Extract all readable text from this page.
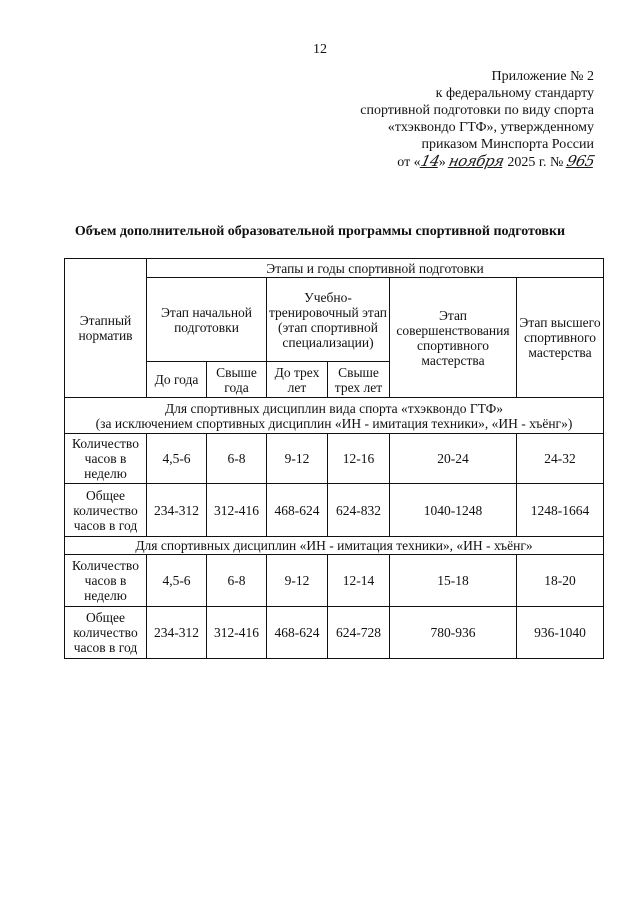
12
Приложение № 2
к федеральному стандарту
спортивной подготовки по виду спорта
«тхэквондо ГТФ», утвержденному
приказом Минспорта России
от «14» ноября 2025 г. № 965
Объем дополнительной образовательной программы спортивной подготовки
Этапный норматив	Этапы и годы спортивной подготовки					
	Этап начальной подготовки		Учебно-тренировочный этап (этап спортивной специализации)		Этап совершенствования спортивного мастерства	Этап высшего спортивного мастерства
	До года	Свыше года	До трех лет	Свыше трех лет		

Для спортивных дисциплин вида спорта «тхэквондо ГТФ»
(за исключением спортивных дисциплин «ИН - имитация техники», «ИН - хъёнг»)						

Количество часов в неделю	4,5-6	6-8	9-12	12-16	20-24	24-32
Общее количество часов в год	234-312	312-416	468-624	624-832	1040-1248	1248-1664
Для спортивных дисциплин «ИН - имитация техники», «ИН - хъёнг»						
Количество часов в неделю	4,5-6	6-8	9-12	12-14	15-18	18-20
Общее количество часов в год	234-312	312-416	468-624	624-728	780-936	936-1040
